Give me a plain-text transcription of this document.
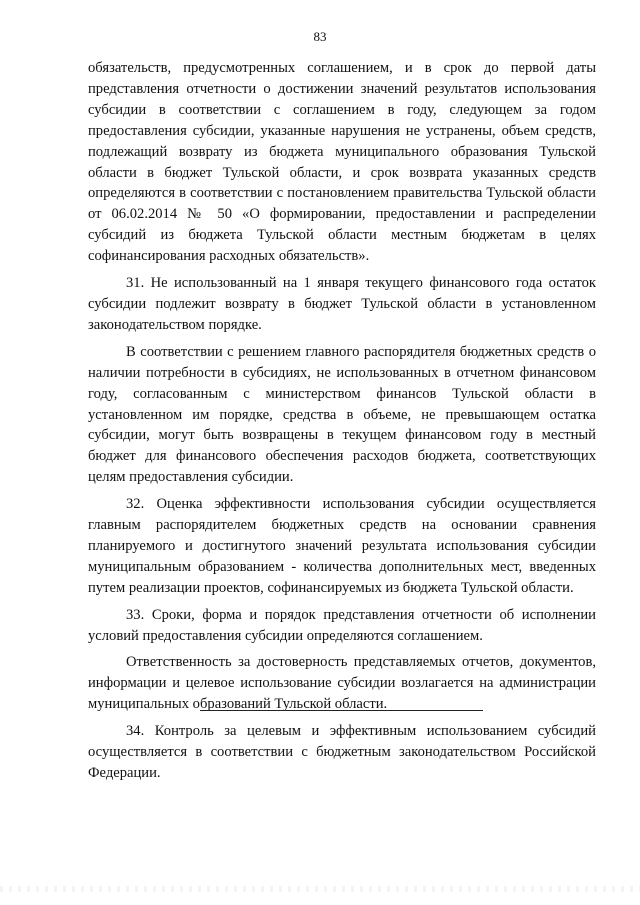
83

обязательств, предусмотренных соглашением, и в срок до первой даты представления отчетности о достижении значений результатов использования субсидии в соответствии с соглашением в году, следующем за годом предоставления субсидии, указанные нарушения не устранены, объем средств, подлежащий возврату из бюджета муниципального образования Тульской области в бюджет Тульской области, и срок возврата указанных средств определяются в соответствии с постановлением правительства Тульской области от 06.02.2014 № 50 «О формировании, предоставлении и распределении субсидий из бюджета Тульской области местным бюджетам в целях софинансирования расходных обязательств».

31. Не использованный на 1 января текущего финансового года остаток субсидии подлежит возврату в бюджет Тульской области в установленном законодательством порядке.

В соответствии с решением главного распорядителя бюджетных средств о наличии потребности в субсидиях, не использованных в отчетном финансовом году, согласованным с министерством финансов Тульской области в установленном им порядке, средства в объеме, не превышающем остатка субсидии, могут быть возвращены в текущем финансовом году в местный бюджет для финансового обеспечения расходов бюджета, соответствующих целям предоставления субсидии.

32. Оценка эффективности использования субсидии осуществляется главным распорядителем бюджетных средств на основании сравнения планируемого и достигнутого значений результата использования субсидии муниципальным образованием - количества дополнительных мест, введенных путем реализации проектов, софинансируемых из бюджета Тульской области.

33. Сроки, форма и порядок представления отчетности об исполнении условий предоставления субсидии определяются соглашением.

Ответственность за достоверность представляемых отчетов, документов, информации и целевое использование субсидии возлагается на администрации муниципальных образований Тульской области.

34. Контроль за целевым и эффективным использованием субсидий осуществляется в соответствии с бюджетным законодательством Российской Федерации.
